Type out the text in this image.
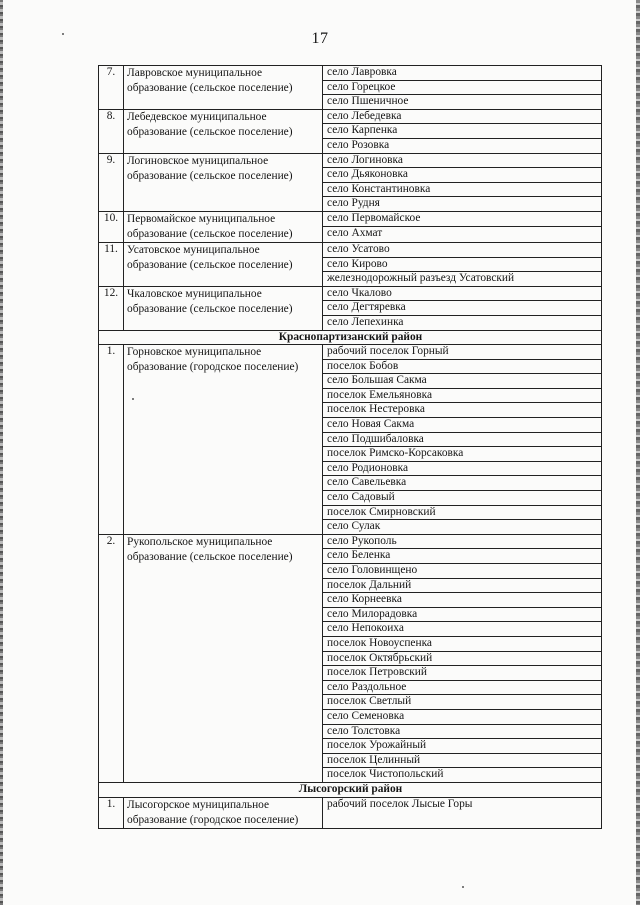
17
7.	Лавровское муниципальное образование (сельское поселение)	село Лавровка
		село Горецкое
		село Пшеничное
8.	Лебедевское муниципальное образование (сельское поселение)	село Лебедевка
		село Карпенка
		село Розовка
9.	Логиновское муниципальное образование (сельское поселение)	село Логиновка
		село Дьяконовка
		село Константиновка
		село Рудня
10.	Первомайское муниципальное образование (сельское поселение)	село Первомайское
		село Ахмат
11.	Усатовское муниципальное образование (сельское поселение)	село Усатово
		село Кирово
		железнодорожный разъезд Усатовский
12.	Чкаловское муниципальное образование (сельское поселение)	село Чкалово
		село Дегтяревка
		село Лепехинка
Краснопартизанский район		
1.	Горновское муниципальное образование (городское поселение)	рабочий поселок Горный
		поселок Бобов
		село Большая Сакма
		поселок Емельяновка
		поселок Нестеровка
		село Новая Сакма
		село Подшибаловка
		поселок Римско-Корсаковка
		село Родионовка
		село Савельевка
		село Садовый
		поселок Смирновский
		село Сулак
2.	Рукопольское муниципальное образование (сельское поселение)	село Рукополь
		село Беленка
		село Головинщено
		поселок Дальний
		село Корнеевка
		село Милорадовка
		село Непокоиха
		поселок Новоуспенка
		поселок Октябрьский
		поселок Петровский
		село Раздольное
		поселок Светлый
		село Семеновка
		село Толстовка
		поселок Урожайный
		поселок Целинный
		поселок Чистопольский
Лысогорский район		
1.	Лысогорское муниципальное образование (городское поселение)	рабочий поселок Лысые Горы
